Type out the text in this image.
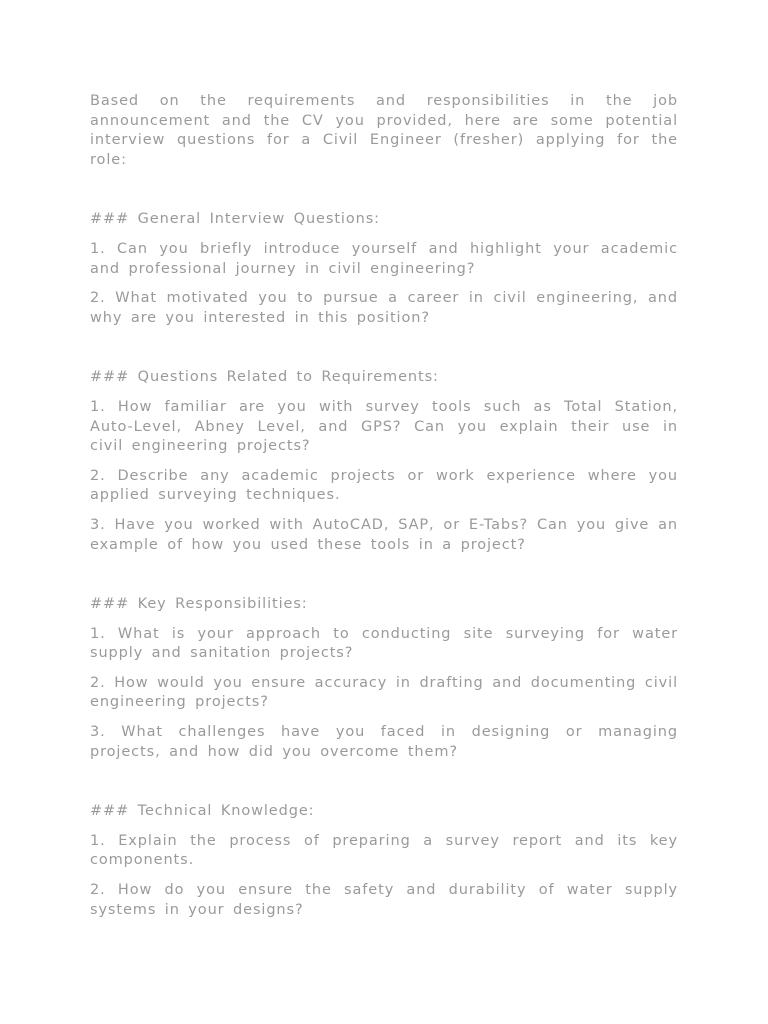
Based on the requirements and responsibilities in the job announcement and the CV you provided, here are some potential interview questions for a Civil Engineer (fresher) applying for the role:

### General Interview Questions:

1. Can you briefly introduce yourself and highlight your academic and professional journey in civil engineering?

2. What motivated you to pursue a career in civil engineering, and why are you interested in this position?

### Questions Related to Requirements:

1. How familiar are you with survey tools such as Total Station, Auto-Level, Abney Level, and GPS? Can you explain their use in civil engineering projects?

2. Describe any academic projects or work experience where you applied surveying techniques.

3. Have you worked with AutoCAD, SAP, or E-Tabs? Can you give an example of how you used these tools in a project?

### Key Responsibilities:

1. What is your approach to conducting site surveying for water supply and sanitation projects?

2. How would you ensure accuracy in drafting and documenting civil engineering projects?

3. What challenges have you faced in designing or managing projects, and how did you overcome them?

### Technical Knowledge:

1. Explain the process of preparing a survey report and its key components.

2. How do you ensure the safety and durability of water supply systems in your designs?
